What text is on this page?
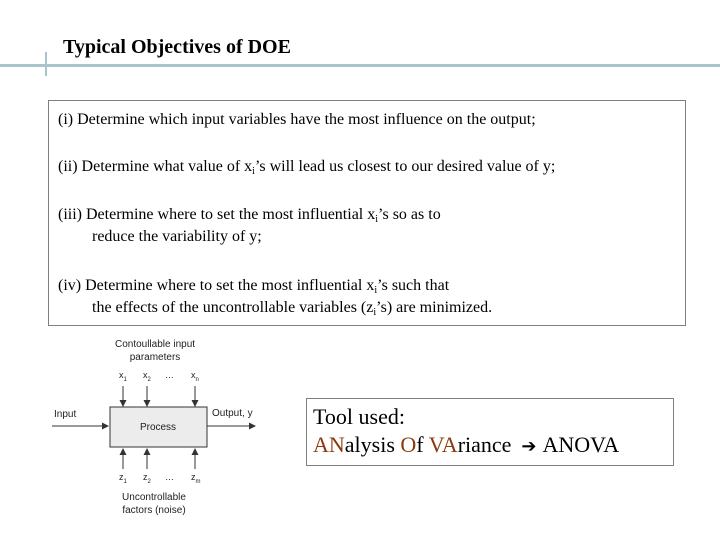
Typical Objectives of DOE
(i) Determine which input variables have the most influence on the output;
(ii) Determine what value of $x_i’s$ will lead us closest to our desired value of y;
(iii) Determine where to set the most influential $x_i’s$ so as to
reduce the variability of y;
(iv) Determine where to set the most influential $x_i’s$ such that
the effects of the uncontrollable variables $(z_i’s)$ are minimized.
Contoullable input
parameters
$x_1$ $x_2$ … $x_n$
Input
Process
Output, y
$z_1$ $z_2$ … $z_m$
Uncontrollable
factors (noise)
Tool used:
ANalysis Of VAriance ➔ ANOVA
